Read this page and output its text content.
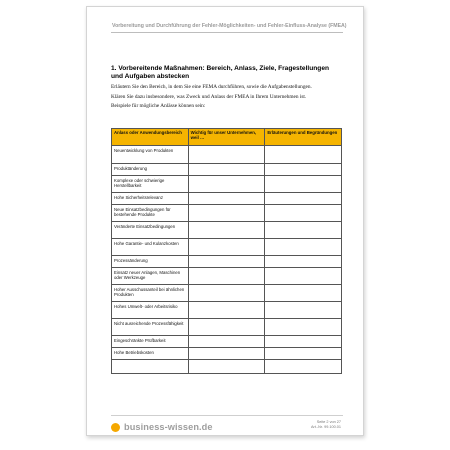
Vorbereitung und Durchführung der Fehler-Möglichkeiten- und Fehler-Einfluss-Analyse (FMEA)
1. Vorbereitende Maßnahmen: Bereich, Anlass, Ziele, Fragestellungen und Aufgaben abstecken
Erläutern Sie den Bereich, in dem Sie eine FEMA durchführen, sowie die Aufgabenstellungen. Klären Sie dazu insbesondere, was Zweck und Anlass der FMEA in Ihrem Unternehmen ist. Beispiele für mögliche Anlässe können sein:
Anlass oder Anwendungsbereich	Wichtig für unser Unternehmen, weil …	Erläuterungen und Begründungen
Neuentwicklung von Produkten		
Produktänderung		
Komplexe oder schwierige Herstellbarkeit		
Hohe Sicherheitsrelevanz		
Neue Einsatzbedingungen für bestehende Produkte		
Veränderte Einsatzbedingungen		
Hohe Garantie- und Kulanzkosten		
Prozessänderung		
Einsatz neuer Anlagen, Maschinen oder Werkzeuge		
Hoher Ausschussanteil bei ähnlichen Produkten		
Hohes Umwelt- oder Arbeitsrisiko		
Nicht ausreichende Prozessfähigkeit		
Eingeschränkte Prüfbarkeit		
Hohe Betriebskosten		

business-wissen.de	Seite 2 von 27
Art.-Nr. 99.100.01
